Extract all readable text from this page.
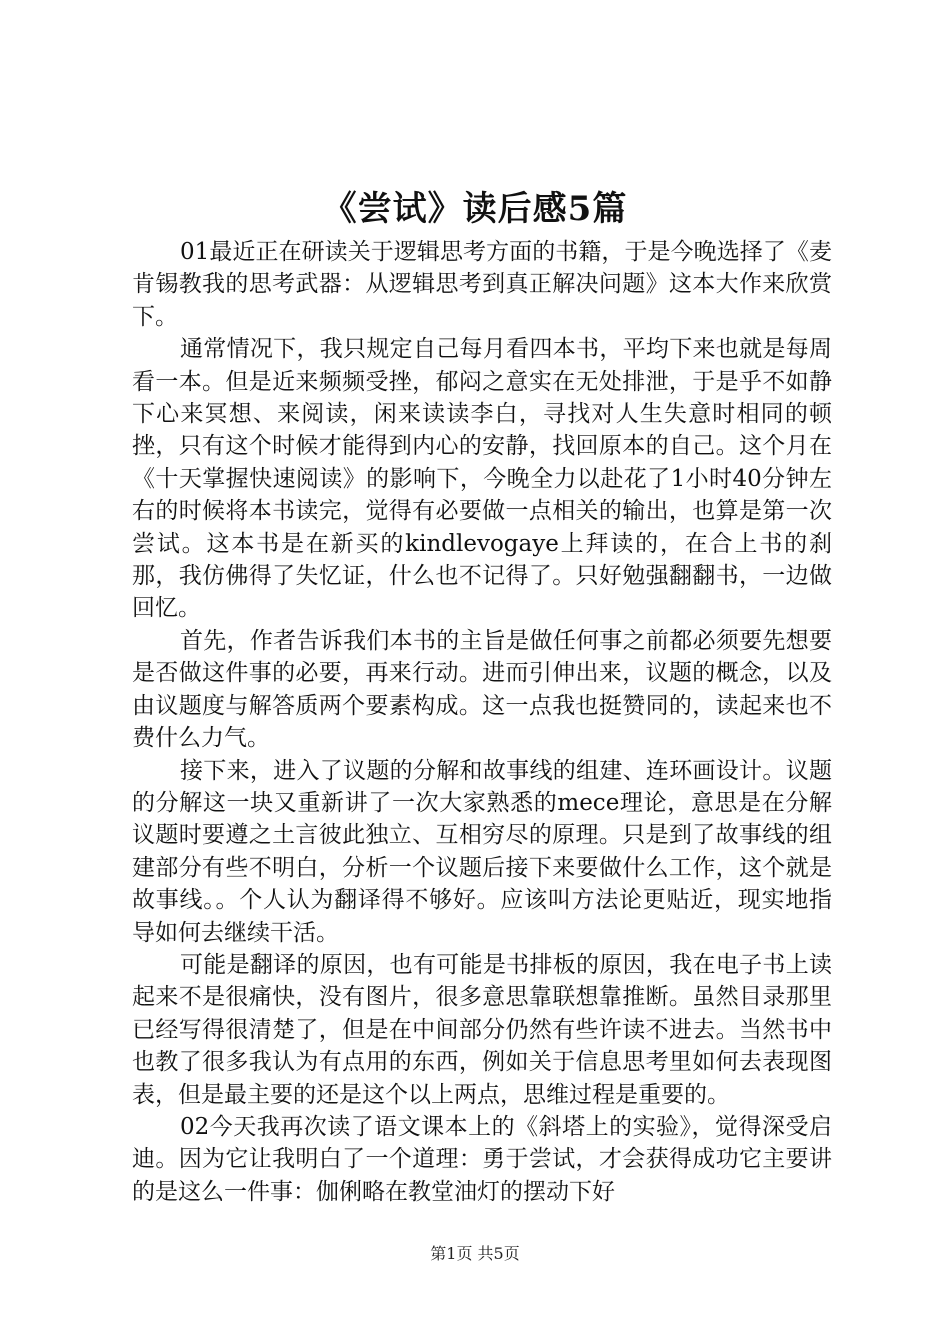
《尝试》读后感5篇

01最近正在研读关于逻辑思考方面的书籍，于是今晚选择了《麦肯锡教我的思考武器：从逻辑思考到真正解决问题》这本大作来欣赏下。

通常情况下，我只规定自己每月看四本书，平均下来也就是每周看一本。但是近来频频受挫，郁闷之意实在无处排泄，于是乎不如静下心来冥想、来阅读，闲来读读李白，寻找对人生失意时相同的顿挫，只有这个时候才能得到内心的安静，找回原本的自己。这个月在《十天掌握快速阅读》的影响下，今晚全力以赴花了1小时40分钟左右的时候将本书读完，觉得有必要做一点相关的输出，也算是第一次尝试。这本书是在新买的kindlevogaye上拜读的，在合上书的刹那，我仿佛得了失忆证，什么也不记得了。只好勉强翻翻书，一边做回忆。

首先，作者告诉我们本书的主旨是做任何事之前都必须要先想要是否做这件事的必要，再来行动。进而引伸出来，议题的概念，以及由议题度与解答质两个要素构成。这一点我也挺赞同的，读起来也不费什么力气。

接下来，进入了议题的分解和故事线的组建、连环画设计。议题的分解这一块又重新讲了一次大家熟悉的mece理论，意思是在分解议题时要遵之土言彼此独立、互相穷尽的原理。只是到了故事线的组建部分有些不明白，分析一个议题后接下来要做什么工作，这个就是故事线。。个人认为翻译得不够好。应该叫方法论更贴近，现实地指导如何去继续干活。

可能是翻译的原因，也有可能是书排板的原因，我在电子书上读起来不是很痛快，没有图片，很多意思靠联想靠推断。虽然目录那里已经写得很清楚了，但是在中间部分仍然有些许读不进去。当然书中也教了很多我认为有点用的东西，例如关于信息思考里如何去表现图表，但是最主要的还是这个以上两点，思维过程是重要的。

02今天我再次读了语文课本上的《斜塔上的实验》，觉得深受启迪。因为它让我明白了一个道理：勇于尝试，才会获得成功它主要讲的是这么一件事：伽俐略在教堂油灯的摆动下好

第1页 共5页
